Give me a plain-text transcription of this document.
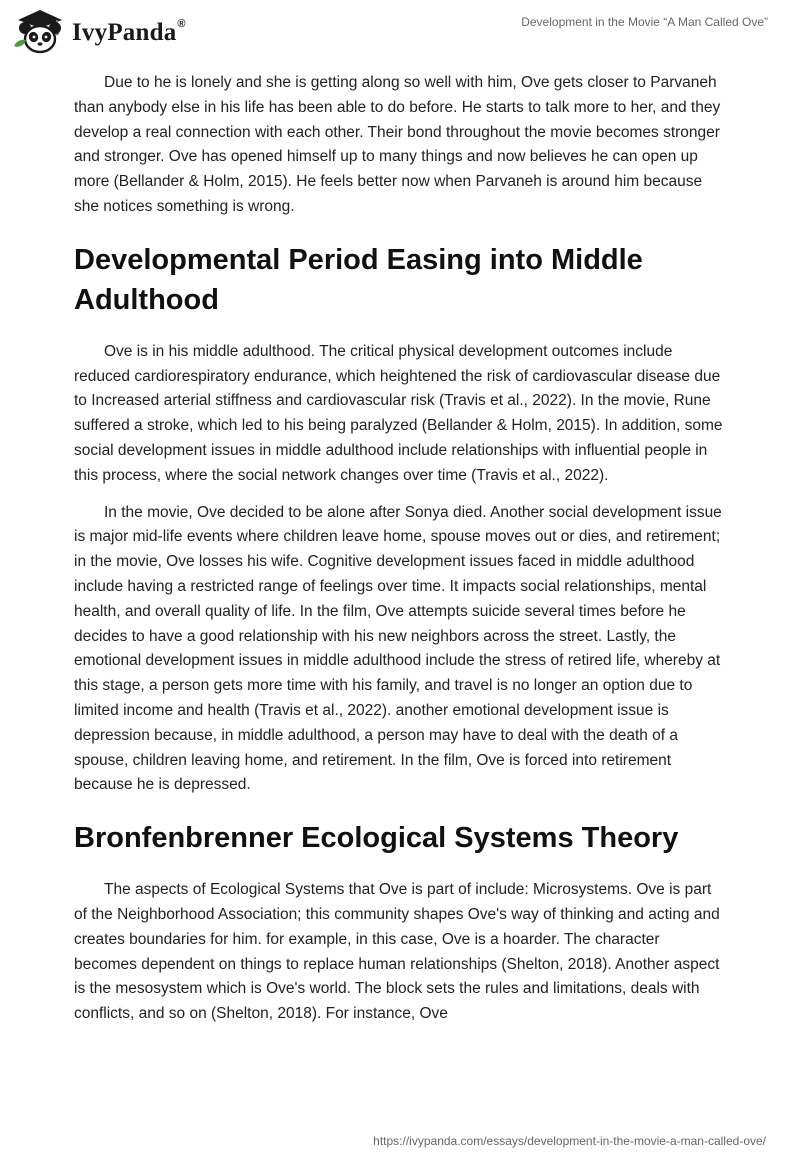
IvyPanda®	Development in the Movie “A Man Called Ove”

Due to he is lonely and she is getting along so well with him, Ove gets closer to Parvaneh than anybody else in his life has been able to do before. He starts to talk more to her, and they develop a real connection with each other. Their bond throughout the movie becomes stronger and stronger. Ove has opened himself up to many things and now believes he can open up more (Bellander & Holm, 2015). He feels better now when Parvaneh is around him because she notices something is wrong.

Developmental Period Easing into Middle Adulthood

Ove is in his middle adulthood. The critical physical development outcomes include reduced cardiorespiratory endurance, which heightened the risk of cardiovascular disease due to Increased arterial stiffness and cardiovascular risk (Travis et al., 2022). In the movie, Rune suffered a stroke, which led to his being paralyzed (Bellander & Holm, 2015). In addition, some social development issues in middle adulthood include relationships with influential people in this process, where the social network changes over time (Travis et al., 2022).

In the movie, Ove decided to be alone after Sonya died. Another social development issue is major mid-life events where children leave home, spouse moves out or dies, and retirement; in the movie, Ove losses his wife. Cognitive development issues faced in middle adulthood include having a restricted range of feelings over time. It impacts social relationships, mental health, and overall quality of life. In the film, Ove attempts suicide several times before he decides to have a good relationship with his new neighbors across the street. Lastly, the emotional development issues in middle adulthood include the stress of retired life, whereby at this stage, a person gets more time with his family, and travel is no longer an option due to limited income and health (Travis et al., 2022). another emotional development issue is depression because, in middle adulthood, a person may have to deal with the death of a spouse, children leaving home, and retirement. In the film, Ove is forced into retirement because he is depressed.

Bronfenbrenner Ecological Systems Theory

The aspects of Ecological Systems that Ove is part of include: Microsystems. Ove is part of the Neighborhood Association; this community shapes Ove's way of thinking and acting and creates boundaries for him. for example, in this case, Ove is a hoarder. The character becomes dependent on things to replace human relationships (Shelton, 2018). Another aspect is the mesosystem which is Ove's world. The block sets the rules and limitations, deals with conflicts, and so on (Shelton, 2018). For instance, Ove

https://ivypanda.com/essays/development-in-the-movie-a-man-called-ove/
